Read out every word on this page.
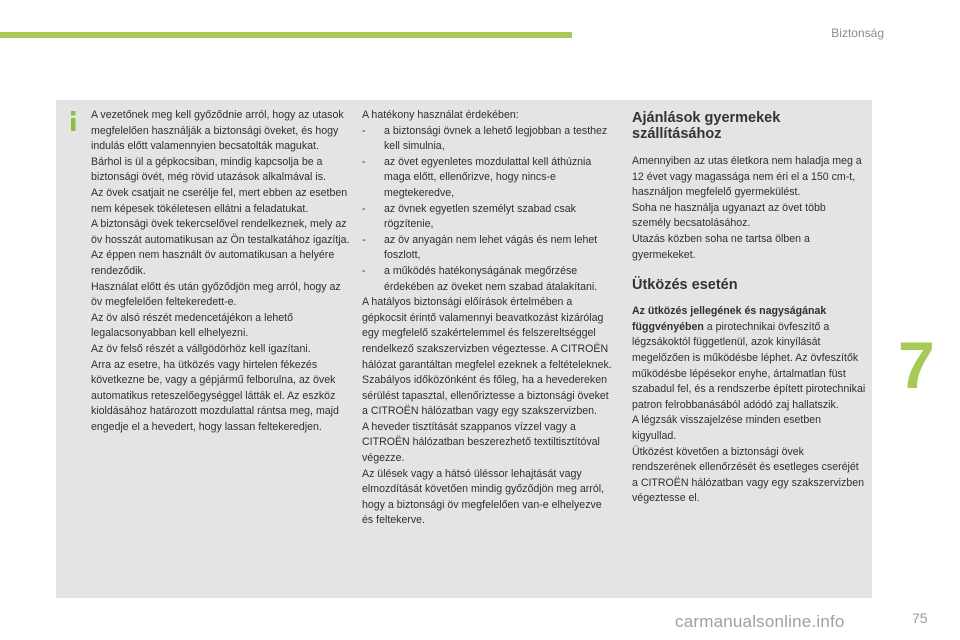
Biztonság

A vezetőnek meg kell győződnie arról, hogy az utasok megfelelően használják a biztonsági öveket, és hogy indulás előtt valamennyien becsatolták magukat.

Bárhol is ül a gépkocsiban, mindig kapcsolja be a biztonsági övét, még rövid utazások alkalmával is.

Az övek csatjait ne cserélje fel, mert ebben az esetben nem képesek tökéletesen ellátni a feladatukat.

A biztonsági övek tekercselővel rendelkeznek, mely az öv hosszát automatikusan az Ön testalkatához igazítja. Az éppen nem használt öv automatikusan a helyére rendeződik.

Használat előtt és után győződjön meg arról, hogy az öv megfelelően feltekeredett-e.

Az öv alsó részét medencetájékon a lehető legalacsonyabban kell elhelyezni.

Az öv felső részét a vállgödörhöz kell igazítani.

Arra az esetre, ha ütközés vagy hirtelen fékezés következne be, vagy a gépjármű felborulna, az övek automatikus reteszelőegységgel látták el. Az eszköz kioldásához határozott mozdulattal rántsa meg, majd engedje el a hevedert, hogy lassan feltekeredjen.

A hatékony használat érdekében:

-	a biztonsági övnek a lehető legjobban a testhez kell simulnia,
-	az övet egyenletes mozdulattal kell áthúznia maga előtt, ellenőrizve, hogy nincs-e megtekeredve,
-	az övnek egyetlen személyt szabad csak rögzítenie,
-	az öv anyagán nem lehet vágás és nem lehet foszlott,
-	a működés hatékonyságának megőrzése érdekében az öveket nem szabad átalakítani.

A hatályos biztonsági előírások értelmében a gépkocsit érintő valamennyi beavatkozást kizárólag egy megfelelő szakértelemmel és felszereltséggel rendelkező szakszervizben végeztesse. A CITROËN hálózat garantáltan megfelel ezeknek a feltételeknek.

Szabályos időközönként és főleg, ha a hevedereken sérülést tapasztal, ellenőriztesse a biztonsági öveket a CITROËN hálózatban vagy egy szakszervizben.

A heveder tisztítását szappanos vízzel vagy a CITROËN hálózatban beszerezhető textiltisztítóval végezze.

Az ülések vagy a hátsó üléssor lehajtását vagy elmozdítását követően mindig győződjön meg arról, hogy a biztonsági öv megfelelően van-e elhelyezve és feltekerve.

Ajánlások gyermekek szállításához

Amennyiben az utas életkora nem haladja meg a 12 évet vagy magassága nem éri el a 150 cm-t, használjon megfelelő gyermekülést.

Soha ne használja ugyanazt az övet több személy becsatolásához.

Utazás közben soha ne tartsa ölben a gyermekeket.

Ütközés esetén

Az ütközés jellegének és nagyságának függvényében a pirotechnikai övfeszítő a légzsákoktól függetlenül, azok kinyílását megelőzően is működésbe léphet. Az övfeszítők működésbe lépésekor enyhe, ártalmatlan füst szabadul fel, és a rendszerbe épített pirotechnikai patron felrobbanásából adódó zaj hallatszik.

A légzsák visszajelzése minden esetben kigyullad.

Ütközést követően a biztonsági övek rendszerének ellenőrzését és esetleges cseréjét a CITROËN hálózatban vagy egy szakszervizben végeztesse el.

7
75
carmanualsonline.info
